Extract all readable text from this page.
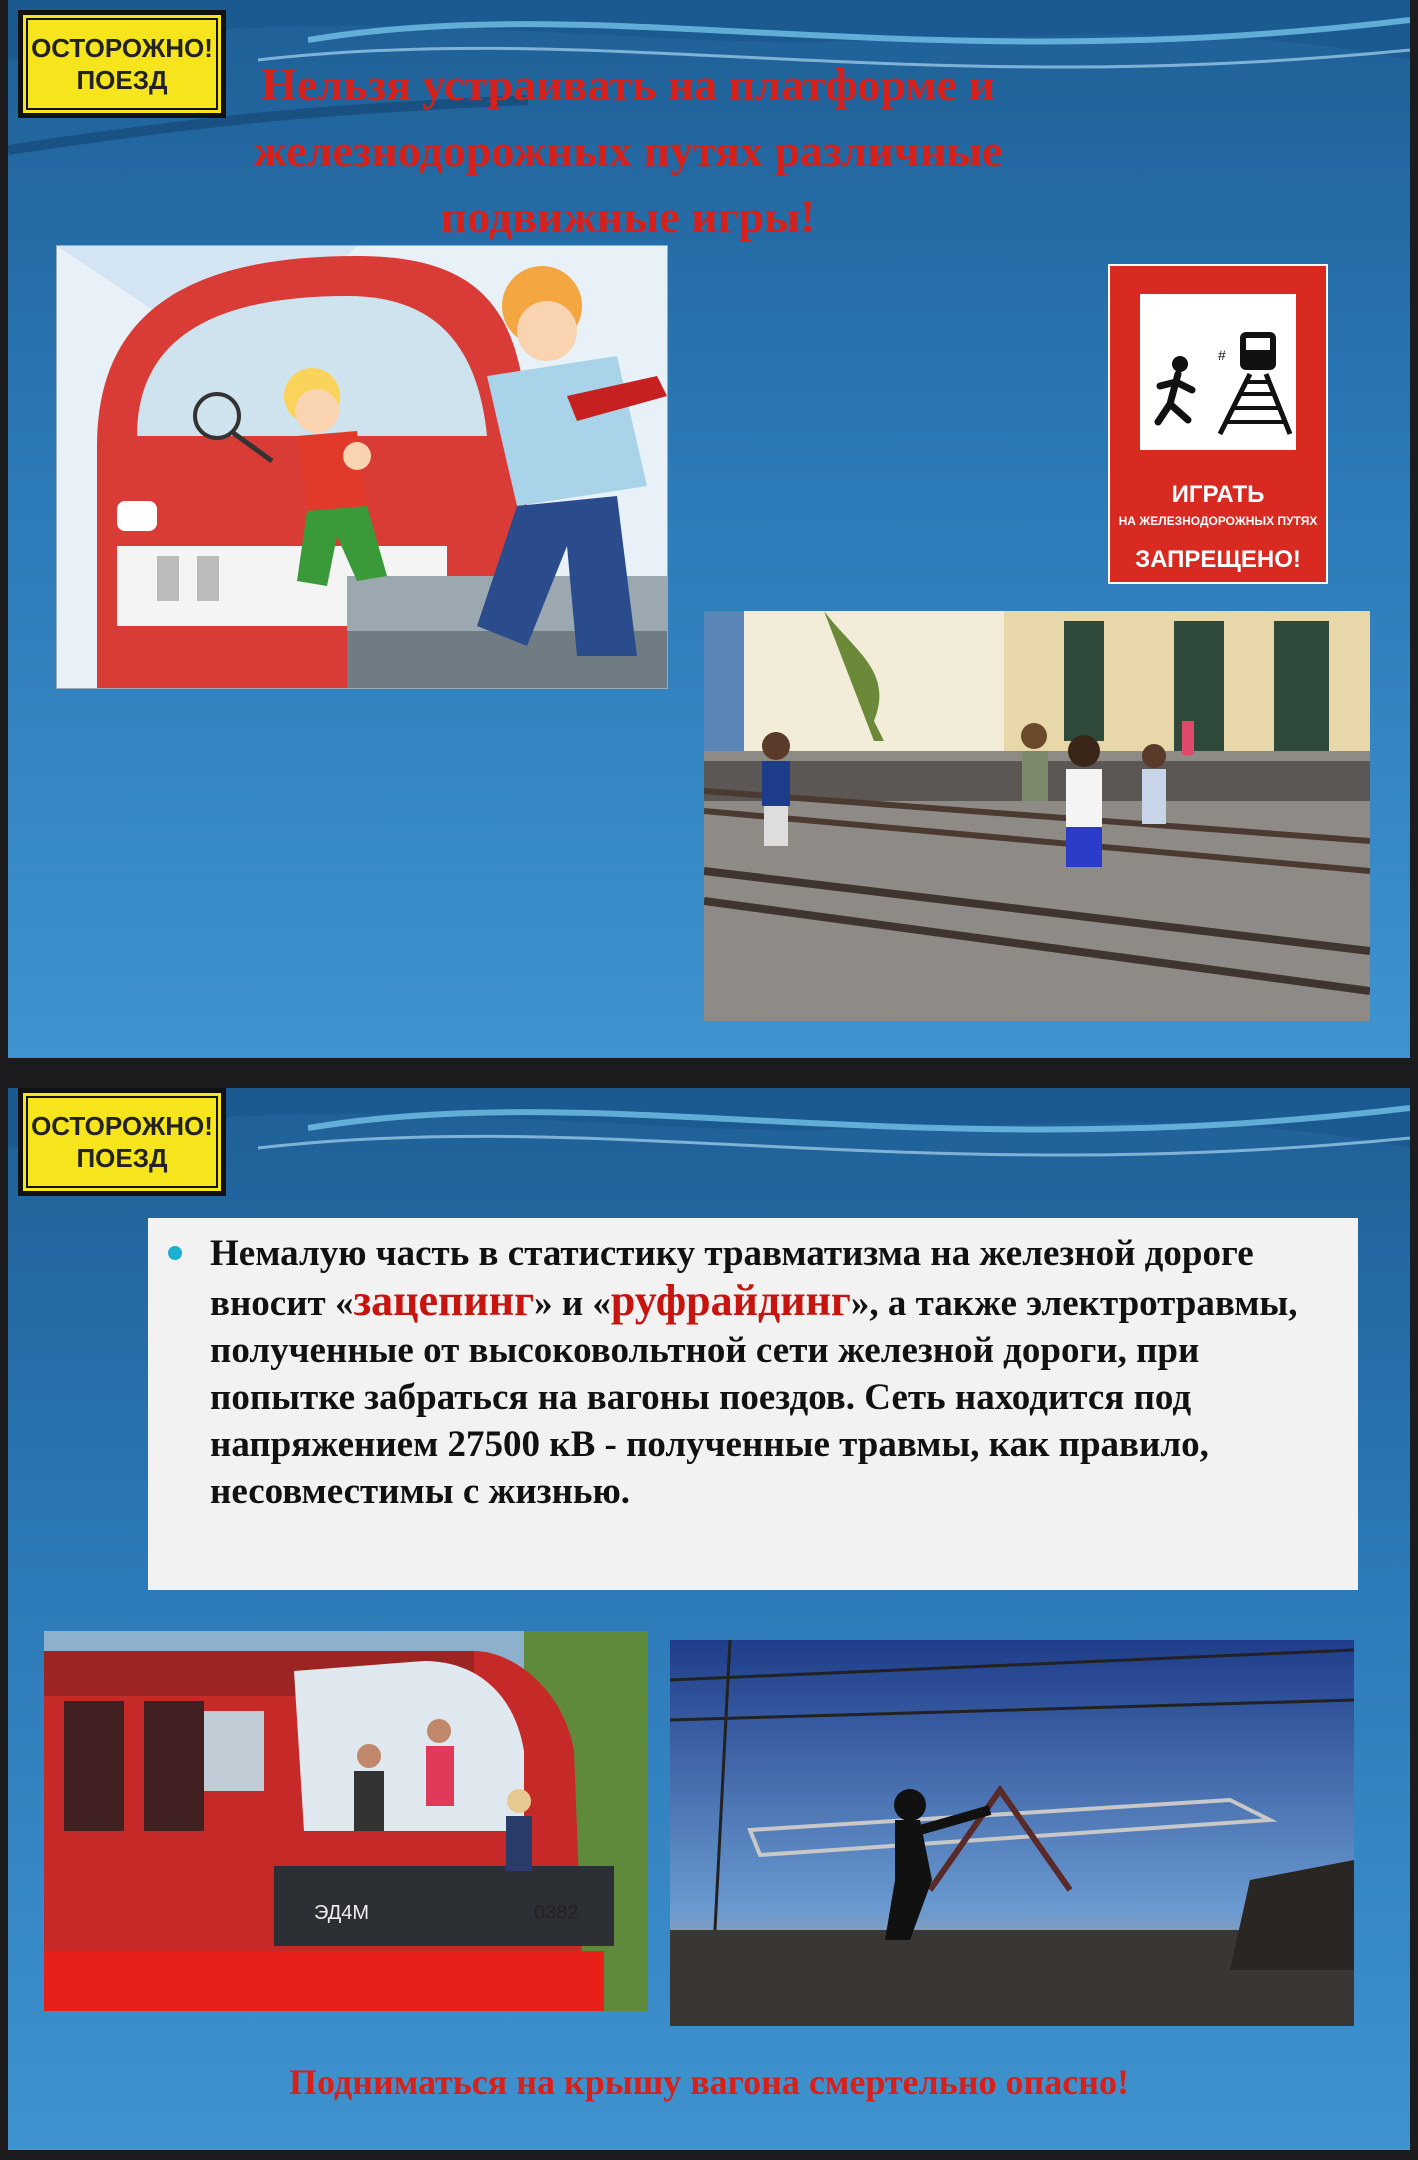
ОСТОРОЖНО!
ПОЕЗД Нельзя устраивать на платформе и железнодорожных путях различные подвижные игры!
#
ИГРАТЬ
НА ЖЕЛЕЗНОДОРОЖНЫХ ПУТЯХ
ЗАПРЕЩЕНО!
ОСТОРОЖНО!
ПОЕЗД
Немалую часть в статистику травматизма на железной дороге вносит «зацепинг» и «руфрайдинг», а также электротравмы, полученные от высоковольтной сети железной дороги, при попытке забраться на вагоны поездов. Сеть находится под напряжением 27500 кВ - полученные травмы, как правило, несовместимы с жизнью.
ЭД4М	0382
Подниматься на крышу вагона смертельно опасно!
